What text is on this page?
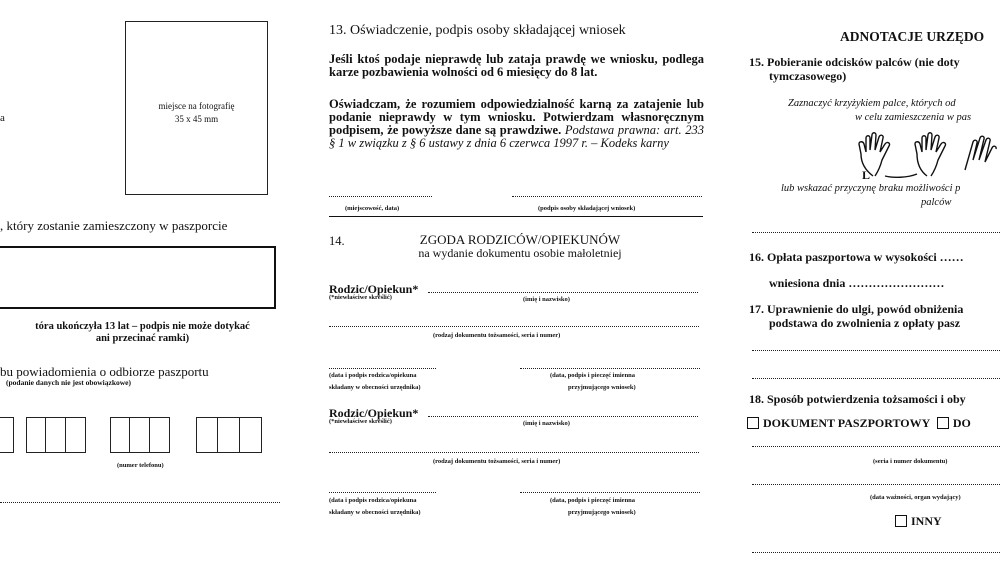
a
miejsce na fotografię
35 x 45 mm
, który zostanie zamieszczony w paszporcie
tóra ukończyła 13 lat – podpis nie może dotykać
ani przecinać ramki)
bu powiadomienia o odbiorze paszportu
(podanie danych nie jest obowiązkowe)
(numer telefonu)
13. Oświadczenie, podpis osoby składającej wniosek
Jeśli ktoś podaje nieprawdę lub zataja prawdę we wniosku, podlega karze pozbawienia wolności od 6 miesięcy do 8 lat.
Oświadczam, że rozumiem odpowiedzialność karną za zatajenie lub podanie nieprawdy w tym wniosku. Potwierdzam własnoręcznym podpisem, że powyższe dane są prawdziwe. Podstawa prawna: art. 233 § 1 w związku z § 6 ustawy z dnia 6 czerwca 1997 r. – Kodeks karny
(miejscowość, data)	(podpis osoby składającej wniosek)
14.	ZGODA RODZICÓW/OPIEKUNÓW
na wydanie dokumentu osobie małoletniej
Rodzic/Opiekun*
(*niewłaściwe skreślić)	(imię i nazwisko)
(rodzaj dokumentu tożsamości, seria i numer)
(data i podpis rodzica/opiekuna
składany w obecności urzędnika)
(data, podpis i pieczęć imienna
przyjmującego wniosek)
Rodzic/Opiekun*
(*niewłaściwe skreślić)	(imię i nazwisko)
(rodzaj dokumentu tożsamości, seria i numer)
(data i podpis rodzica/opiekuna
składany w obecności urzędnika)
(data, podpis i pieczęć imienna
przyjmującego wniosek)
ADNOTACJE URZĘDO
15. Pobieranie odcisków palców (nie doty
tymczasowego)
Zaznaczyć krzyżykiem palce, których od
w celu zamieszczenia w pas
L
lub wskazać przyczynę braku możliwości p
palców
16. Opłata paszportowa w wysokości ……
wniesiona dnia ……………………
17. Uprawnienie do ulgi, powód obniżenia
podstawa do zwolnienia z opłaty pasz
18. Sposób potwierdzenia tożsamości i oby
DOKUMENT PASZPORTOWY DO
(seria i numer dokumentu)
(data ważności, organ wydający)
INNY
